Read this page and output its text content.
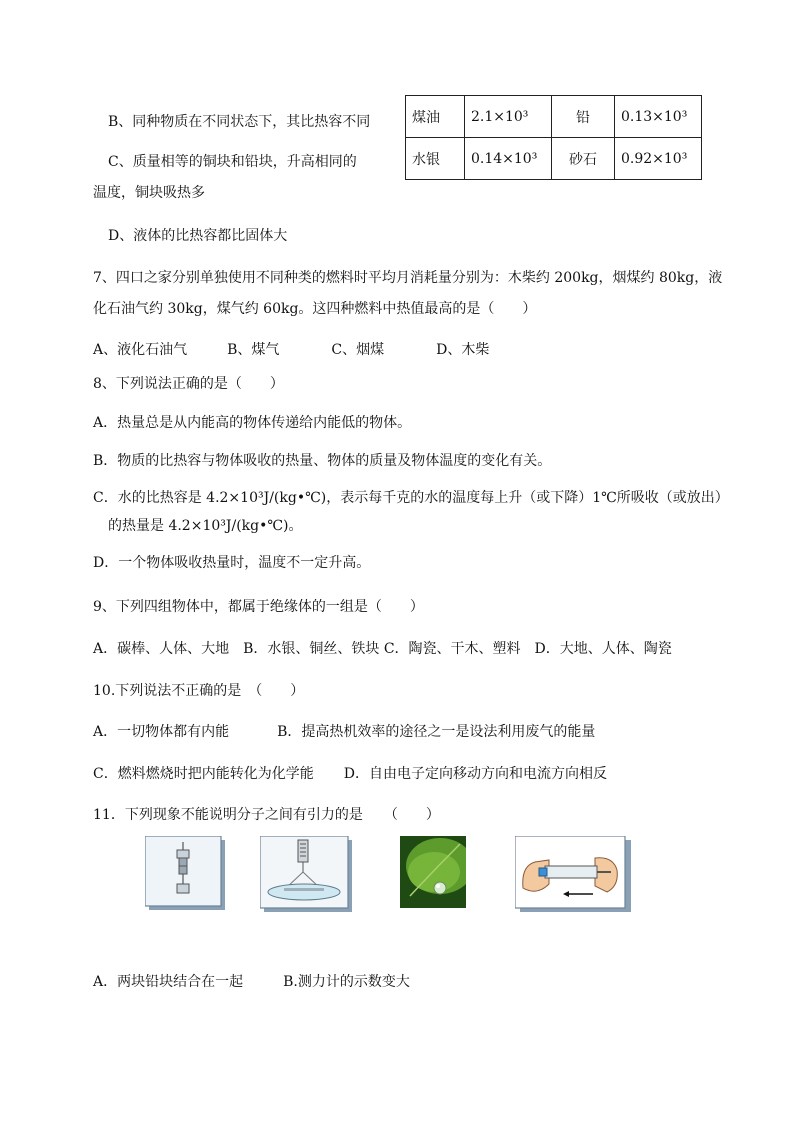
B、同种物质在不同状态下，其比热容不同
C、质量相等的铜块和铅块，升高相同的
温度，铜块吸热多
D、液体的比热容都比固体大
煤油	2.1×10³	铅	0.13×10³
水银	0.14×10³	砂石	0.92×10³
7、四口之家分别单独使用不同种类的燃料时平均月消耗量分别为：木柴约 200kg，烟煤约 80kg，液
化石油气约 30kg，煤气约 60kg。这四种燃料中热值最高的是（　　）
A、液化石油气	B、煤气	C、烟煤	D、木柴
8、下列说法正确的是（　　）
A．热量总是从内能高的物体传递给内能低的物体。
B．物质的比热容与物体吸收的热量、物体的质量及物体温度的变化有关。
C．水的比热容是 4.2×10³J/(kg•℃)，表示每千克的水的温度每上升（或下降）1℃所吸收（或放出）
的热量是 4.2×10³J/(kg•℃)。
D．一个物体吸收热量时，温度不一定升高。
9、下列四组物体中，都属于绝缘体的一组是（　　）
A．碳棒、人体、大地　B．水银、铜丝、铁块 C．陶瓷、干木、塑料　D．大地、人体、陶瓷
10.下列说法不正确的是　（　　）
A．一切物体都有内能	B．提高热机效率的途径之一是设法利用废气的能量
C．燃料燃烧时把内能转化为化学能 D．自由电子定向移动方向和电流方向相反
11．下列现象不能说明分子之间有引力的是　　（　　）
A．两块铅块结合在一起	B.测力计的示数变大
